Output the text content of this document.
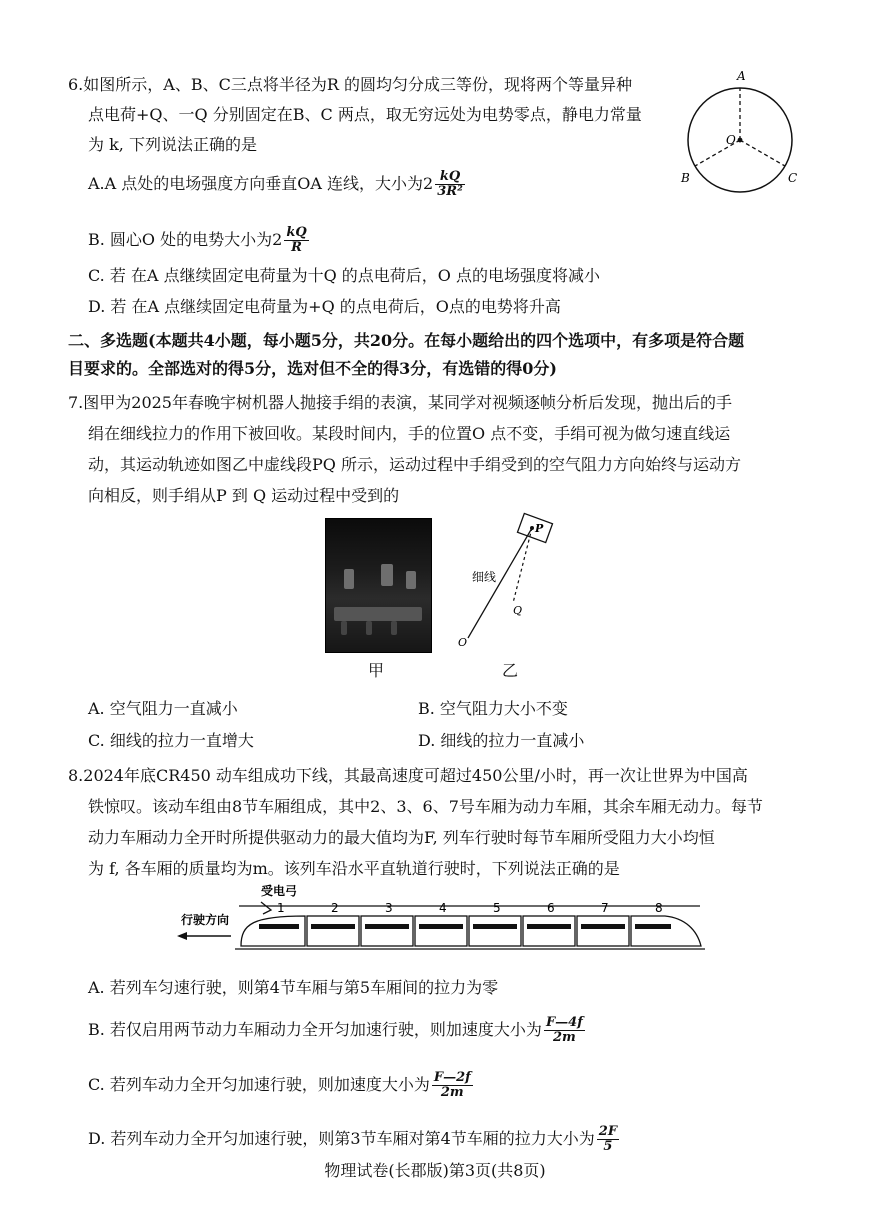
6.如图所示，A、B、C三点将半径为R 的圆均匀分成三等份，现将两个等量异种
点电荷+Q、一Q 分别固定在B、C 两点，取无穷远处为电势零点，静电力常量
为 k, 下列说法正确的是
A.A 点处的电场强度方向垂直OA 连线，大小为$2 \frac{kQ}{\text{3R²}}$
B. 圆心O 处的电势大小为$2 \frac{kQ}{R}$
C. 若 在A 点继续固定电荷量为十Q 的点电荷后，O 点的电场强度将减小
D. 若 在A 点继续固定电荷量为+Q 的点电荷后，O点的电势将升高
A
O
B	C
二、多选题(本题共4小题，每小题5分，共20分。在每小题给出的四个选项中，有多项是符合题
目要求的。全部选对的得5分，选对但不全的得3分，有选错的得0分)
7.图甲为2025年春晚宇树机器人抛接手绢的表演，某同学对视频逐帧分析后发现，抛出后的手
绢在细线拉力的作用下被回收。某段时间内，手的位置O 点不变，手绢可视为做匀速直线运
动，其运动轨迹如图乙中虚线段PQ 所示，运动过程中手绢受到的空气阻力方向始终与运动方
向相反，则手绢从P 到 Q 运动过程中受到的
甲
P
Q
O
细线
乙
A. 空气阻力一直减小	B. 空气阻力大小不变
C. 细线的拉力一直增大	D. 细线的拉力一直减小
8.2024年底CR450 动车组成功下线，其最高速度可超过450公里/小时，再一次让世界为中国高
铁惊叹。该动车组由8节车厢组成，其中2、3、6、7号车厢为动力车厢，其余车厢无动力。每节
动力车厢动力全开时所提供驱动力的最大值均为F, 列车行驶时每节车厢所受阻力大小均恒
为 f, 各车厢的质量均为m。该列车沿水平直轨道行驶时，下列说法正确的是
受电弓
行驶方向
1	2	3	4	5	6	7	8
A. 若列车匀速行驶，则第4节车厢与第5车厢间的拉力为零
B. 若仅启用两节动力车厢动力全开匀加速行驶，则加速度大小为 $\frac{F—4f}{2m}$
C. 若列车动力全开匀加速行驶，则加速度大小为 $\frac{F—2f}{2m}$
D. 若列车动力全开匀加速行驶，则第3节车厢对第4节车厢的拉力大小为 $\frac{2F}{5}$
物理试卷(长郡版)第3页(共8页)
